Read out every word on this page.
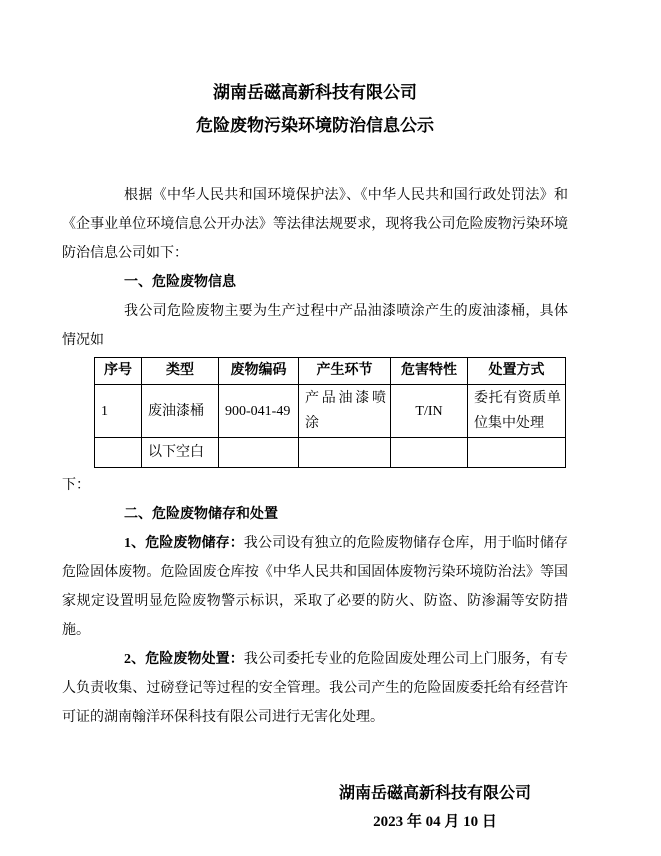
湖南岳磁高新科技有限公司
危险废物污染环境防治信息公示

根据《中华人民共和国环境保护法》、《中华人民共和国行政处罚法》和《企事业单位环境信息公开办法》等法律法规要求，现将我公司危险废物污染环境防治信息公司如下：

一、危险废物信息

我公司危险废物主要为生产过程中产品油漆喷涂产生的废油漆桶，具体情况如

序号	类型	废物编码	产生环节	危害特性	处置方式
1	废油漆桶	900-041-49	产品油漆喷涂	T/IN	委托有资质单位集中处理
	以下空白				

下：

二、危险废物储存和处置

1、危险废物储存：我公司设有独立的危险废物储存仓库，用于临时储存危险固体废物。危险固废仓库按《中华人民共和国固体废物污染环境防治法》等国家规定设置明显危险废物警示标识，采取了必要的防火、防盗、防渗漏等安防措施。

2、危险废物处置：我公司委托专业的危险固废处理公司上门服务，有专人负责收集、过磅登记等过程的安全管理。我公司产生的危险固废委托给有经营许可证的湖南翰洋环保科技有限公司进行无害化处理。

湖南岳磁高新科技有限公司
2023 年 04 月 10 日
